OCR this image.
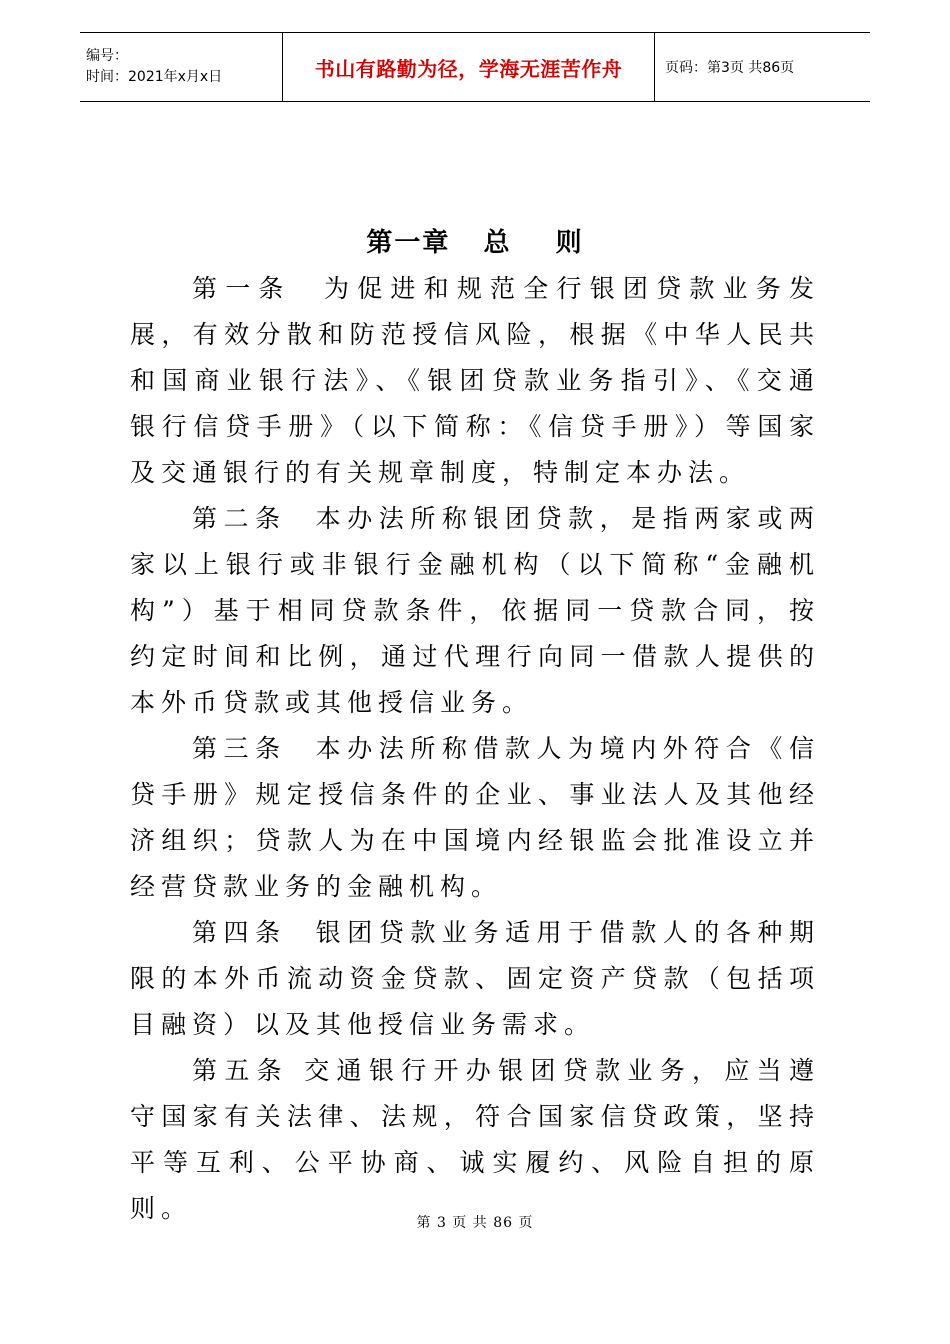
编号：
时间：2021年x月x日	书山有路勤为径，学海无涯苦作舟	页码：第3页 共86页
第一章   总    则

第一条 为促进和规范全行银团贷款业务发展，有效分散和防范授信风险，根据《中华人民共和国商业银行法》、《银团贷款业务指引》、《交通银行信贷手册》（以下简称：《信贷手册》）等国家及交通银行的有关规章制度，特制定本办法。

第二条 本办法所称银团贷款，是指两家或两家以上银行或非银行金融机构（以下简称“金融机构”）基于相同贷款条件，依据同一贷款合同，按约定时间和比例，通过代理行向同一借款人提供的本外币贷款或其他授信业务。

第三条 本办法所称借款人为境内外符合《信贷手册》规定授信条件的企业、事业法人及其他经济组织；贷款人为在中国境内经银监会批准设立并经营贷款业务的金融机构。

第四条 银团贷款业务适用于借款人的各种期限的本外币流动资金贷款、固定资产贷款（包括项目融资）以及其他授信业务需求。

第五条 交通银行开办银团贷款业务，应当遵守国家有关法律、法规，符合国家信贷政策，坚持平等互利、公平协商、诚实履约、风险自担的原则。	第 3 页 共 86 页
